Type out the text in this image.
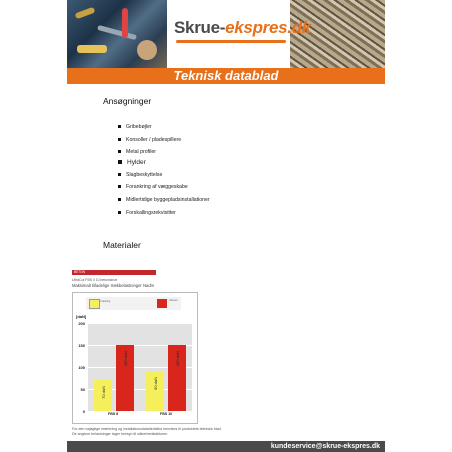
Skrue-ekspres.dk
Teknisk datablad
Ansøgninger
Gribebøjler
Konsoller / pladespillere
Metal profiler
Hylder
Slagbeskyttelse
Forankring af væggeskabe
Midlertidige byggepladsinstallationer
Forskallingsrekvisitter
Materialer
BETON
UltraCut FBS II 10 betonskrue
Maksimalt tilladelige trækbelastninger Nadm
Cracking	Uknown
[daN]
0
50
100
150
200
70 daN
150 daN
FBS 8
90 daN
150 daN
FBS 10
For den nøjagtige mærkning og installationsdataiteristika henvises til produktets tekniske blad.
De angivne belastninger tager hensyn til sikkerhedsfaktoren.
kundeservice@skrue-ekspres.dk
